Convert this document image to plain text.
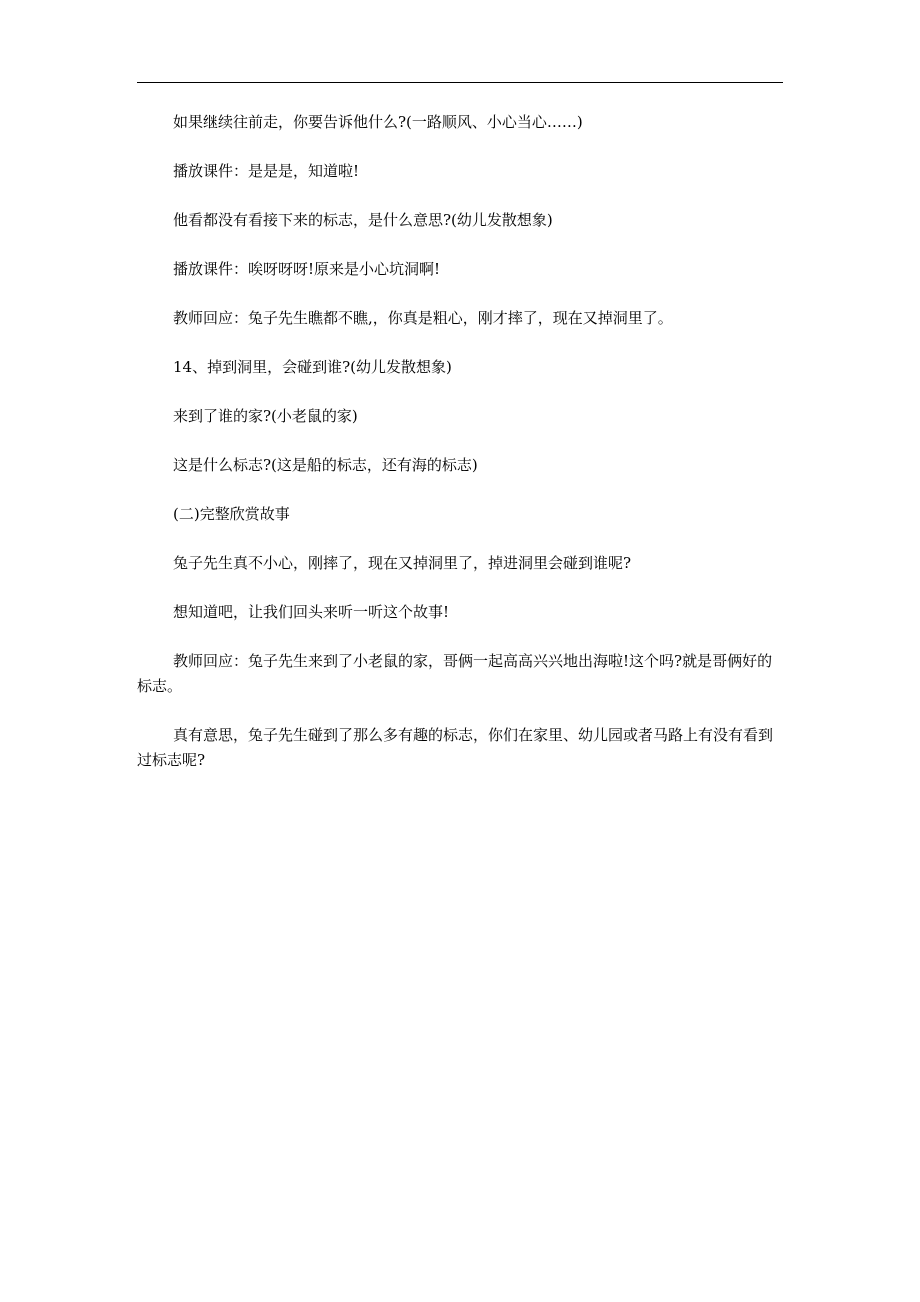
如果继续往前走，你要告诉他什么?(一路顺风、小心当心……)

播放课件：是是是，知道啦!

他看都没有看接下来的标志，是什么意思?(幼儿发散想象)

播放课件：唉呀呀呀!原来是小心坑洞啊!

教师回应：兔子先生瞧都不瞧,，你真是粗心，刚才摔了，现在又掉洞里了。

14、掉到洞里，会碰到谁?(幼儿发散想象)

来到了谁的家?(小老鼠的家)

这是什么标志?(这是船的标志，还有海的标志)

(二)完整欣赏故事

兔子先生真不小心，刚摔了，现在又掉洞里了，掉进洞里会碰到谁呢?

想知道吧，让我们回头来听一听这个故事!

教师回应：兔子先生来到了小老鼠的家，哥俩一起高高兴兴地出海啦!这个吗?就是哥俩好的标志。

真有意思，兔子先生碰到了那么多有趣的标志，你们在家里、幼儿园或者马路上有没有看到过标志呢?
